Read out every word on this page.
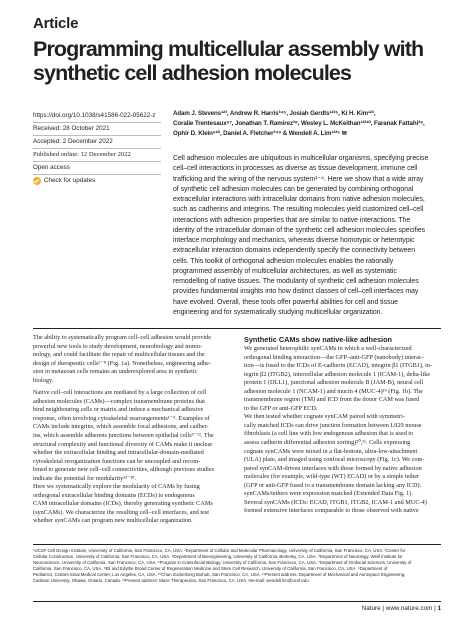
Article
Programming multicellular assembly with synthetic cell adhesion molecules
https://doi.org/10.1038/s41586-022-05622-z
Received: 28 October 2021
Accepted: 2 December 2022
Published online: 12 December 2022
Open access
Check for updates
Adam J. Stevens¹²³, Andrew R. Harris³⁴⁵, Josiah Gerdts¹²³⁵, Ki H. Kim¹²³,
Coralie Trentesaux⁶⁷, Jonathan T. Ramirez³⁸, Wesley L. McKeithan¹²³¹⁰, Faranak Fattahi³⁸,
Ophir D. Klein⁶¹⁰, Daniel A. Fletcher³⁴⁹ & Wendell A. Lim¹²³⁵ ✉
Cell adhesion molecules are ubiquitous in multicellular organisms, specifying precise
cell–cell interactions in processes as diverse as tissue development, immune cell
trafficking and the wiring of the nervous system¹⁻⁴. Here we show that a wide array
of synthetic cell adhesion molecules can be generated by combining orthogonal
extracellular interactions with intracellular domains from native adhesion molecules,
such as cadherins and integrins. The resulting molecules yield customized cell–cell
interactions with adhesion properties that are similar to native interactions. The
identity of the intracellular domain of the synthetic cell adhesion molecules specifies
interface morphology and mechanics, whereas diverse homotypic or heterotypic
extracellular interaction domains independently specify the connectivity between
cells. This toolkit of orthogonal adhesion molecules enables the rationally
programmed assembly of multicellular architectures, as well as systematic
remodelling of native tissues. The modularity of synthetic cell adhesion molecules
provides fundamental insights into how distinct classes of cell–cell interfaces may
have evolved. Overall, these tools offer powerful abilities for cell and tissue
engineering and for systematically studying multicellular organization.
The ability to systematically program cell–cell adhesion would provide
powerful new tools to study development, neurobiology and immu-
nology, and could facilitate the repair of multicellular tissues and the
design of therapeutic cells⁵⁻⁸ (Fig. 1a). Nonetheless, engineering adhe-
sion in metazoan cells remains an underexplored area in synthetic
biology.
Native cell–cell interactions are mediated by a large collection of cell
adhesion molecules (CAMs)—complex transmembrane proteins that
bind neighbouring cells or matrix and induce a mechanical adhesive
response, often involving cytoskeletal rearrangements¹⁻⁴. Examples of
CAMs include integrins, which assemble focal adhesions, and cadher-
ins, which assemble adherens junctions between epithelial cells⁹⁻¹². The
structural complexity and functional diversity of CAMs make it unclear
whether the extracellular binding and intracellular-domain-mediated
cytoskeletal reorganization functions can be uncoupled and recom-
bined to generate new cell–cell connectivities, although previous studies
indicate the potential for modularity¹³⁻¹⁸.
Here we systematically explore the modularity of CAMs by fusing
orthogonal extracellular binding domains (ECDs) to endogenous
CAM intracellular domains (ICDs), thereby generating synthetic CAMs
(synCAMs). We characterize the resulting cell–cell interfaces, and test
whether synCAMs can program new multicellular organization.
Synthetic CAMs show native-like adhesion
We generated heterophilic synCAMs in which a well-characterized
orthogonal binding interaction—the GFP–anti-GFP (nanobody) interac-
tion—is fused to the ICDs of E-cadherin (ECAD), integrin β1 (ITGB1), in-
tegrin β2 (ITGB2), intercellular adhesion molecule 1 (ICAM-1), delta-like
protein 1 (DLL1), junctional adhesion molecule B (JAM-B), neural cell
adhesion molecule 1 (NCAM-1) and mucin 4 (MUC-4)¹⁹ (Fig. 1b). The
transmembrane region (TM) and ICD from the donor CAM was fused
to the GFP or anti-GFP ECD.
We then tested whether cognate synCAM paired with symmetri-
cally matched ICDs can drive junction formation between L929 mouse
fibroblasts (a cell line with low endogenous adhesion that is used to
assess cadherin differential adhesion sorting)²⁰,²¹. Cells expressing
cognate synCAMs were mixed in a flat-bottom, ultra-low-attachment
(ULA) plate, and imaged using confocal microscopy (Fig. 1c). We com-
pared synCAM-driven interfaces with those formed by native adhesion
molecules (for example, wild-type (WT) ECAD) or by a simple tether
(GFP or anti-GFP fused to a transmembrane domain lacking any ICD).
synCAMs/tethers were expression matched (Extended Data Fig. 1).
Several synCAMs (ICDs: ECAD, ITGB1, ITGB2, ICAM-1 and MUC-4)
formed extensive interfaces comparable to those observed with native
¹UCSF Cell Design Institute, University of California, San Francisco, CA, USA. ²Department of Cellular and Molecular Pharmacology, University of California, San Francisco, CA, USA. ³Center for
Cellular Construction, University of California, San Francisco, CA, USA. ⁴Department of Bioengineering, University of California, Berkeley, CA, USA. ⁵Department of Neurology, Weill Institute for
Neuroscience, University of California, San Francisco, CA, USA. ⁶Program in Craniofacial Biology, University of California, San Francisco, CA, USA. ⁷Department of Orofacial Sciences, University of
California, San Francisco, CA, USA. ⁸Eli and Edythe Broad Center of Regeneration Medicine and Stem Cell Research, University of California, San Francisco, CA, USA. ⁹Department of
Pediatrics, Cedars-Sinai Medical Center, Los Angeles, CA, USA. ¹⁰Chan Zuckerberg Biohub, San Francisco, CA, USA. ¹¹Present address: Department of Mechanical and Aerospace Engineering,
Carleton University, Ottawa, Ontario, Canada. ¹²Present address: Maze Therapeutics, San Francisco, CA, USA. ✉e-mail: wendell.lim@ucsf.edu
Nature | www.nature.com | 1
